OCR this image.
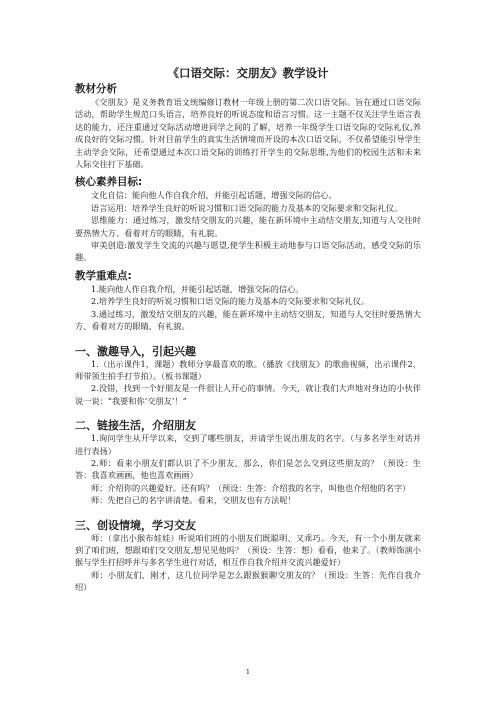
《口语交际：交朋友》教学设计
教材分析

《交朋友》是义务教育语文统编修订教材一年级上册的第二次口语交际。旨在通过口语交际活动，帮助学生规范口头语言，培养良好的听说态度和语言习惯。这一主题不仅关注学生语言表达的能力，还注重通过交际活动增进同学之间的了解，培养一年级学生口语交际的交际礼仪,养成良好的交际习惯。针对目前学生的真实生活情境而开设的本次口语交际，不仅希望能引导学生主动学会交际，还希望通过本次口语交际的训练打开学生的交际思维,为他们的校园生活和未来人际交往打下基础。

核心素养目标:

文化自信：能向他人作自我介绍，并能引起话题，增强交际的信心。

语言运用：培养学生良好的听说习惯和口语交际的能力及基本的交际要求和交际礼仪。

思维能力：通过练习，激发结交朋友的兴趣，能在新环境中主动结交朋友,知道与人交往时要热情大方、看着对方的眼睛，有礼貌。

审美创造:激发学生交流的兴趣与愿望,使学生积极主动地参与口语交际活动，感受交际的乐趣。

教学重难点:

1.能向他人作自我介绍，并能引起话题，增强交际的信心。

2.培养学生良好的听说习惯和口语交际的能力及基本的交际要求和交际礼仪。

3.通过练习，激发结交朋友的兴趣，能在新环境中主动结交朋友，知道与人交往时要热情大方、看着对方的眼睛，有礼貌。

一、激趣导入，引起兴趣

1.（出示课件1，课题）教师分享最喜欢的歌。（播放《找朋友》的歌曲视频，出示课件2，师带领生拍手打节拍）。（板书课题）

2.没错，找到一个好朋友是一件很让人开心的事情。今天，就让我们大声地对身边的小伙伴说一说：“我要和你‘交朋友’！”

二、链接生活，介绍朋友

1.询问学生从开学以来，交到了哪些朋友，并请学生说出朋友的名字。（与多名学生对话并进行表扬）

2.师：看来小朋友们都认识了不少朋友，那么，你们是怎么交到这些朋友的？（预设：生答：我喜欢画画，他也喜欢画画）

师：介绍你的兴趣爱好。还有吗？（预设：生答：介绍我的名字，叫他也介绍他的名字）

师：先把自己的名字讲清楚。看来，交朋友也有方法呢！

三、创设情境，学习交友

师：（拿出小猴布娃娃）听说咱们班的小朋友们既聪明、又乖巧。今天，有一个小朋友就来到了咱们班，想跟咱们交交朋友,想见见他吗？（预设：生答：想）看看，他来了。（教师饰演小猴与学生打招呼并与多名学生进行对话，相互作自我介绍并交流兴趣爱好）

师：小朋友们，刚才，这几位同学是怎么跟猴猴聊交朋友的？（预设：生答：先作自我介绍）

1
